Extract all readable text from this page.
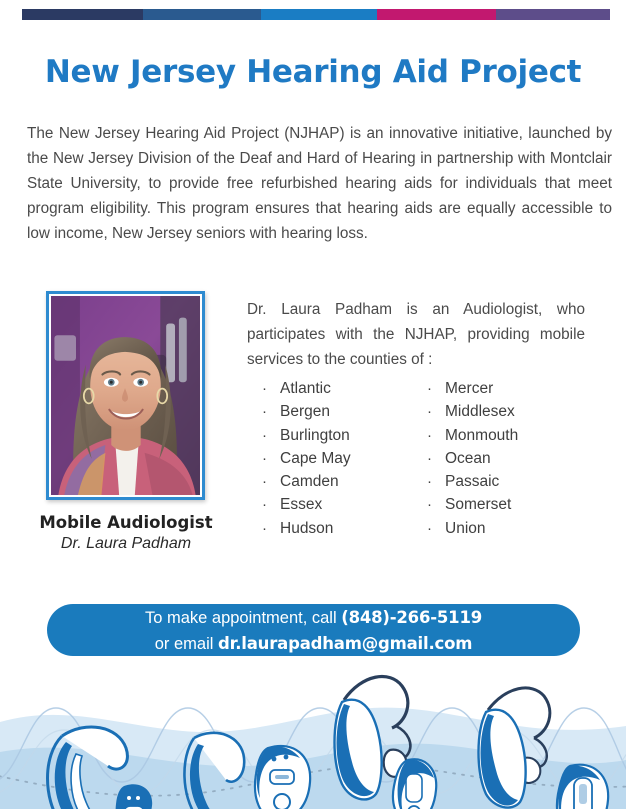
New Jersey Hearing Aid Project

The New Jersey Hearing Aid Project (NJHAP) is an innovative initiative, launched by the New Jersey Division of the Deaf and Hard of Hearing in partnership with Montclair State University, to provide free refurbished hearing aids for individuals that meet program eligibility. This program ensures that hearing aids are equally accessible to low income, New Jersey seniors with hearing loss.

Mobile Audiologist
Dr. Laura Padham

Dr. Laura Padham is an Audiologist, who participates with the NJHAP, providing mobile services to the counties of :

· Atlantic
· Bergen
· Burlington
· Cape May
· Camden
· Essex
· Hudson
· Mercer
· Middlesex
· Monmouth
· Ocean
· Passaic
· Somerset
· Union
To make appointment, call (848)-266-5119
or email dr.laurapadham@gmail.com
